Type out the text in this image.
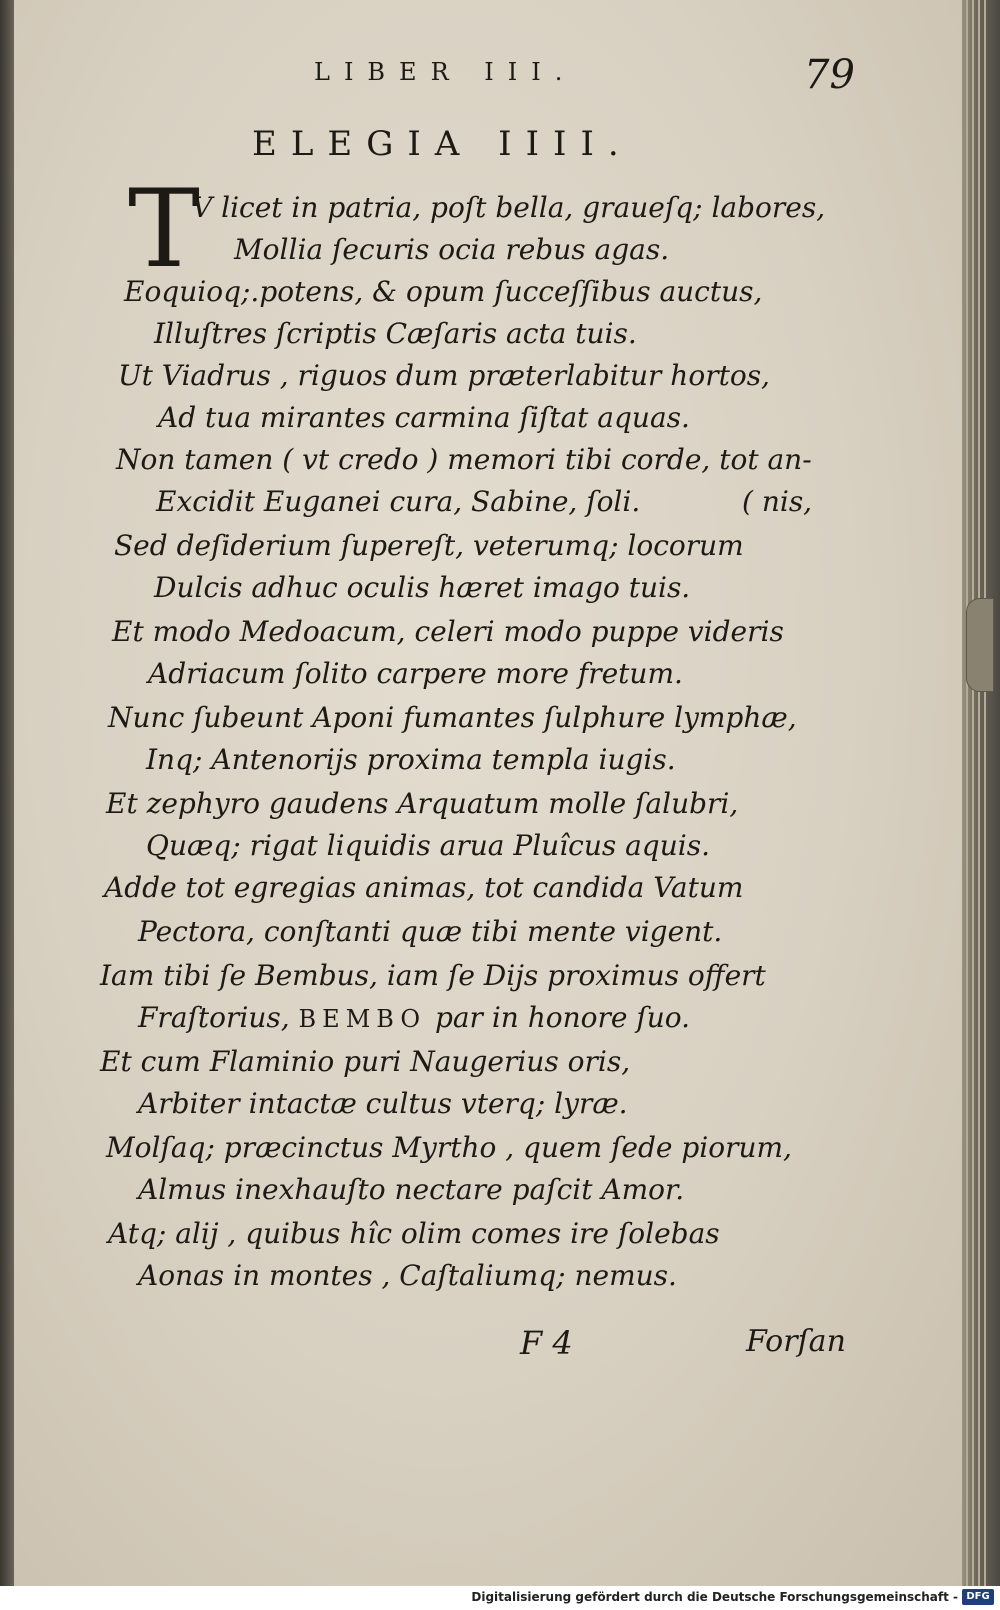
LIBER III.	79
ELEGIA IIII.
T
V licet in patria, poſt bella, graueſq; labores,
Mollia ſecuris ocia rebus agas.
Eoquioq;.potens, & opum ſucceſſibus auctus,
Illuſtres ſcriptis Cæſaris acta tuis.
Ut Viadrus , riguos dum præterlabitur hortos,
Ad tua mirantes carmina ſiſtat aquas.
Non tamen ( vt credo ) memori tibi corde, tot an-
Excidit Euganei cura, Sabine, ſoli.	( nis,
Sed deſiderium ſupereſt, veterumq; locorum
Dulcis adhuc oculis hæret imago tuis.
Et modo Medoacum, celeri modo puppe videris
Adriacum ſolito carpere more fretum.
Nunc ſubeunt Aponi fumantes ſulphure lymphæ,
Inq; Antenorijs proxima templa iugis.
Et zephyro gaudens Arquatum molle ſalubri,
Quæq; rigat liquidis arua Pluîcus aquis.
Adde tot egregias animas, tot candida Vatum
Pectora, conſtanti quæ tibi mente vigent.
Iam tibi ſe Bembus, iam ſe Dijs proximus offert
Fraſtorius, BEMBO par in honore ſuo.
Et cum Flaminio puri Naugerius oris,
Arbiter intactæ cultus vterq; lyræ.
Molſaq; præcinctus Myrtho , quem ſede piorum,
Almus inexhauſto nectare paſcit Amor.
Atq; alij , quibus hîc olim comes ire ſolebas
Aonas in montes , Caſtaliumq; nemus.
F 4	Forſan
Digitalisierung gefördert durch die Deutsche Forschungsgemeinschaft - DFG
